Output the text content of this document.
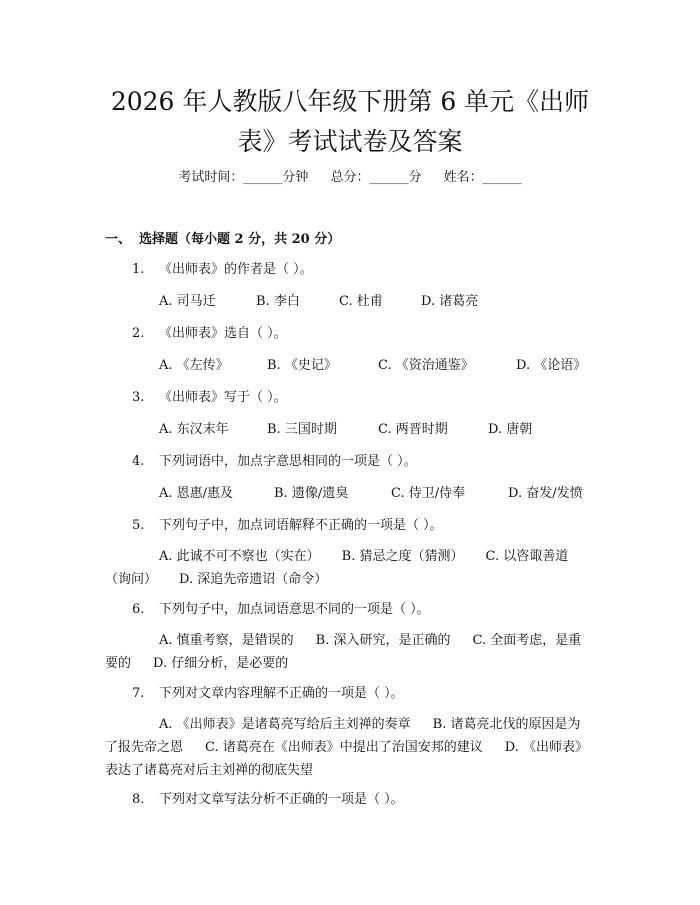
2026 年人教版八年级下册第 6 单元《出师
表》考试试卷及答案
考试时间：______分钟 总分：______分 姓名：______
一、 选择题（每小题 2 分，共 20 分）
1. 《出师表》的作者是（ ）。
A. 司马迁	B. 李白	C. 杜甫	D. 诸葛亮
2. 《出师表》选自（ ）。
A. 《左传》	B. 《史记》	C. 《资治通鉴》	D. 《论语》
3. 《出师表》写于（ ）。
A. 东汉末年	B. 三国时期	C. 两晋时期	D. 唐朝
4. 下列词语中，加点字意思相同的一项是（ ）。
A. 恩惠/惠及	B. 遗像/遗臭	C. 侍卫/侍奉	D. 奋发/发愤
5. 下列句子中，加点词语解释不正确的一项是（ ）。
A. 此诚不可不察也（实在） B. 猜忌之度（猜测） C. 以咨诹善道（询问） D. 深追先帝遗诏（命令）
6. 下列句子中，加点词语意思不同的一项是（ ）。
A. 慎重考察，是错误的 B. 深入研究，是正确的 C. 全面考虑，是重要的 D. 仔细分析，是必要的
7. 下列对文章内容理解不正确的一项是（ ）。
A. 《出师表》是诸葛亮写给后主刘禅的奏章 B. 诸葛亮北伐的原因是为了报先帝之恩 C. 诸葛亮在《出师表》中提出了治国安邦的建议 D. 《出师表》表达了诸葛亮对后主刘禅的彻底失望
8. 下列对文章写法分析不正确的一项是（ ）。
